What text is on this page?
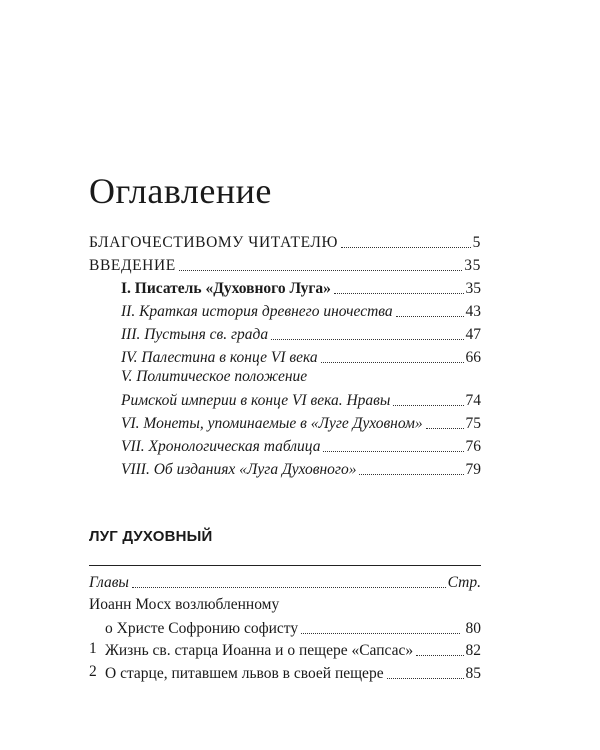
Оглавление
БЛАГОЧЕСТИВОМУ ЧИТАТЕЛЮ	5
ВВЕДЕНИЕ	35
I. Писатель «Духовного Луга»	35
II. Краткая история древнего иночества	43
III. Пустыня св. града	47
IV. Палестина в конце VI века	66
V. Политическое положение
Римской империи в конце VI века. Нравы	74
VI. Монеты, упоминаемые в «Луге Духовном»	75
VII. Хронологическая таблица	76
VIII. Об изданиях «Луга Духовного»	79
ЛУГ ДУХОВНЫЙ
Главы	Стр.
Иоанн Мосх возлюбленному
о Христе Софронию софисту	80
1 Жизнь св. старца Иоанна и о пещере «Сапсас»	82
2 О старце, питавшем львов в своей пещере	85
